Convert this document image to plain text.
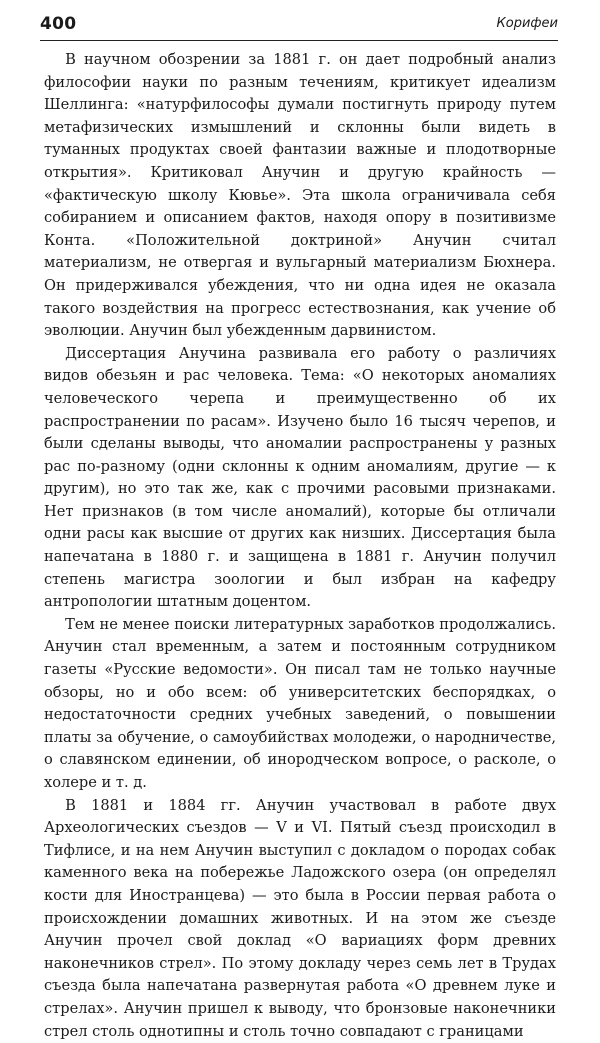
400	Корифеи

В научном обозрении за 1881 г. он дает подробный анализ философии науки по разным течениям, критикует идеализм Шеллинга: «натурфилософы думали постигнуть природу путем метафизических измышлений и склонны были видеть в туманных продуктах своей фантазии важные и плодотворные открытия». Критиковал Анучин и другую крайность — «фактическую школу Кювье». Эта школа ограничивала себя собиранием и описанием фактов, находя опору в позитивизме Конта. «Положительной доктриной» Анучин считал материализм, не отвергая и вульгарный материализм Бюхнера. Он придерживался убеждения, что ни одна идея не оказала такого воздействия на прогресс естествознания, как учение об эволюции. Анучин был убежденным дарвинистом.

Диссертация Анучина развивала его работу о различиях видов обезьян и рас человека. Тема: «О некоторых аномалиях человеческого черепа и преимущественно об их распространении по расам». Изучено было 16 тысяч черепов, и были сделаны выводы, что аномалии распространены у разных рас по-разному (одни склонны к одним аномалиям, другие — к другим), но это так же, как с прочими расовыми признаками. Нет признаков (в том числе аномалий), которые бы отличали одни расы как высшие от других как низших. Диссертация была напечатана в 1880 г. и защищена в 1881 г. Анучин получил степень магистра зоологии и был избран на кафедру антропологии штатным доцентом.

Тем не менее поиски литературных заработков продолжались. Анучин стал временным, а затем и постоянным сотрудником газеты «Русские ведомости». Он писал там не только научные обзоры, но и обо всем: об университетских беспорядках, о недостаточности средних учебных заведений, о повышении платы за обучение, о самоубийствах молодежи, о народничестве, о славянском единении, об инородческом вопросе, о расколе, о холере и т. д.

В 1881 и 1884 гг. Анучин участвовал в работе двух Археологических съездов — V и VI. Пятый съезд происходил в Тифлисе, и на нем Анучин выступил с докладом о породах собак каменного века на побережье Ладожского озера (он определял кости для Иностранцева) — это была в России первая работа о происхождении домашних животных. И на этом же съезде Анучин прочел свой доклад «О вариациях форм древних наконечников стрел». По этому докладу через семь лет в Трудах съезда была напечатана развернутая работа «О древнем луке и стрелах». Анучин пришел к выводу, что бронзовые наконечники стрел столь однотипны и столь точно совпадают с границами
